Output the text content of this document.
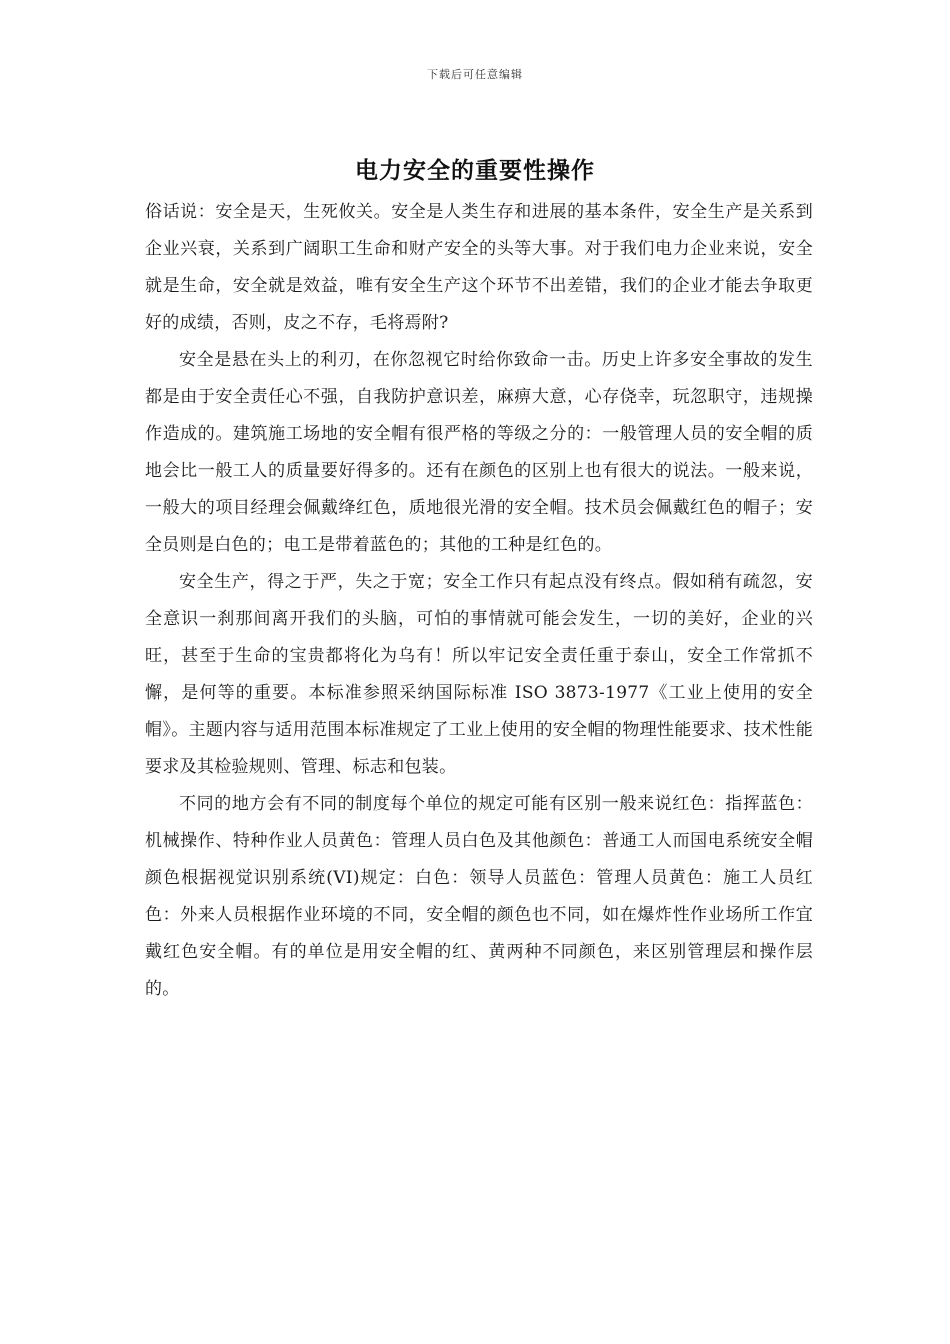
下载后可任意编辑
电力安全的重要性操作

俗话说：安全是天，生死攸关。安全是人类生存和进展的基本条件，安全生产是关系到企业兴衰，关系到广阔职工生命和财产安全的头等大事。对于我们电力企业来说，安全就是生命，安全就是效益，唯有安全生产这个环节不出差错，我们的企业才能去争取更好的成绩，否则，皮之不存，毛将焉附?

安全是悬在头上的利刃，在你忽视它时给你致命一击。历史上许多安全事故的发生都是由于安全责任心不强，自我防护意识差，麻痹大意，心存侥幸，玩忽职守，违规操作造成的。建筑施工场地的安全帽有很严格的等级之分的：一般管理人员的安全帽的质地会比一般工人的质量要好得多的。还有在颜色的区别上也有很大的说法。一般来说，一般大的项目经理会佩戴绛红色，质地很光滑的安全帽。技术员会佩戴红色的帽子；安全员则是白色的；电工是带着蓝色的；其他的工种是红色的。

安全生产，得之于严，失之于宽；安全工作只有起点没有终点。假如稍有疏忽，安全意识一刹那间离开我们的头脑，可怕的事情就可能会发生，一切的美好，企业的兴旺，甚至于生命的宝贵都将化为乌有！所以牢记安全责任重于泰山，安全工作常抓不懈，是何等的重要。本标准参照采纳国际标准 ISO 3873-1977《工业上使用的安全帽》。主题内容与适用范围本标准规定了工业上使用的安全帽的物理性能要求、技术性能要求及其检验规则、管理、标志和包装。

不同的地方会有不同的制度每个单位的规定可能有区别一般来说红色：指挥蓝色：机械操作、特种作业人员黄色：管理人员白色及其他颜色：普通工人而国电系统安全帽颜色根据视觉识别系统(VI)规定：白色：领导人员蓝色：管理人员黄色：施工人员红色：外来人员根据作业环境的不同，安全帽的颜色也不同，如在爆炸性作业场所工作宜戴红色安全帽。有的单位是用安全帽的红、黄两种不同颜色，来区别管理层和操作层的。
